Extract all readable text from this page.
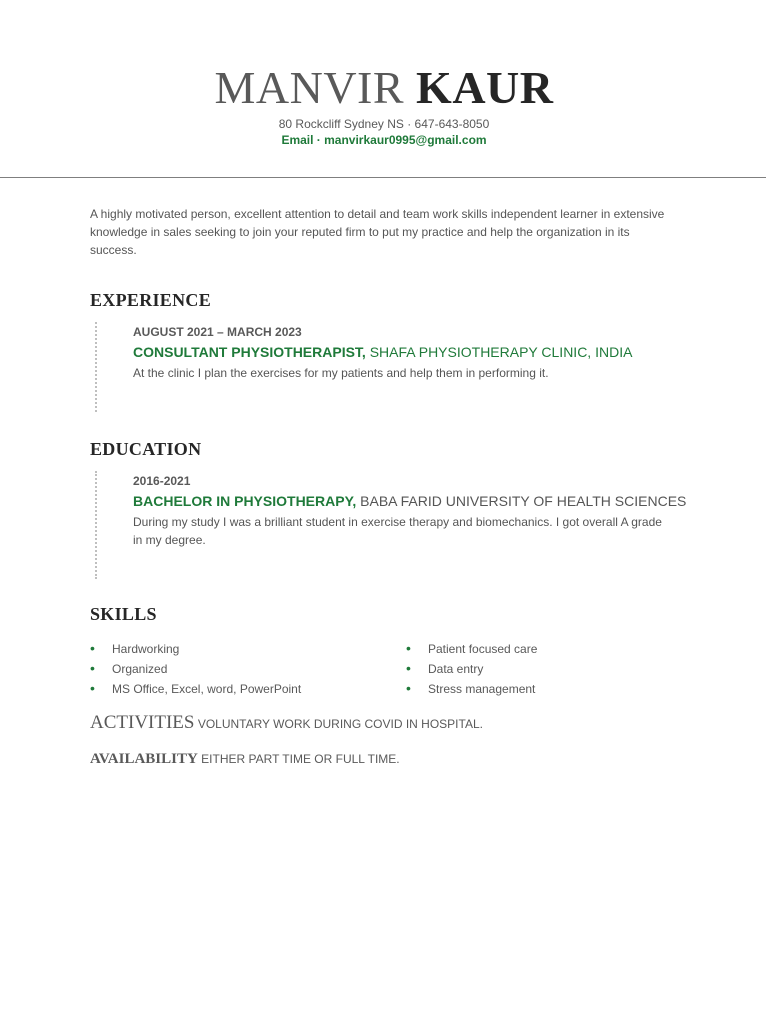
MANVIR KAUR
80 Rockcliff Sydney NS · 647-643-8050
Email · manvirkaur0995@gmail.com
A highly motivated person, excellent attention to detail and team work skills independent learner in extensive knowledge in sales seeking to join your reputed firm to put my practice and help the organization in its success.
EXPERIENCE
AUGUST 2021 – MARCH 2023
CONSULTANT PHYSIOTHERAPIST, SHAFA PHYSIOTHERAPY CLINIC, INDIA
At the clinic I plan the exercises for my patients and help them in performing it.
EDUCATION
2016-2021
BACHELOR IN PHYSIOTHERAPY, BABA FARID UNIVERSITY OF HEALTH SCIENCES
During my study I was a brilliant student in exercise therapy and biomechanics. I got overall A grade in my degree.
SKILLS
• Hardworking
• Organized
• MS Office, Excel, word, PowerPoint
• Patient focused care
• Data entry
• Stress management
ACTIVITIES VOLUNTARY WORK DURING COVID IN HOSPITAL.
AVAILABILITY EITHER PART TIME OR FULL TIME.
